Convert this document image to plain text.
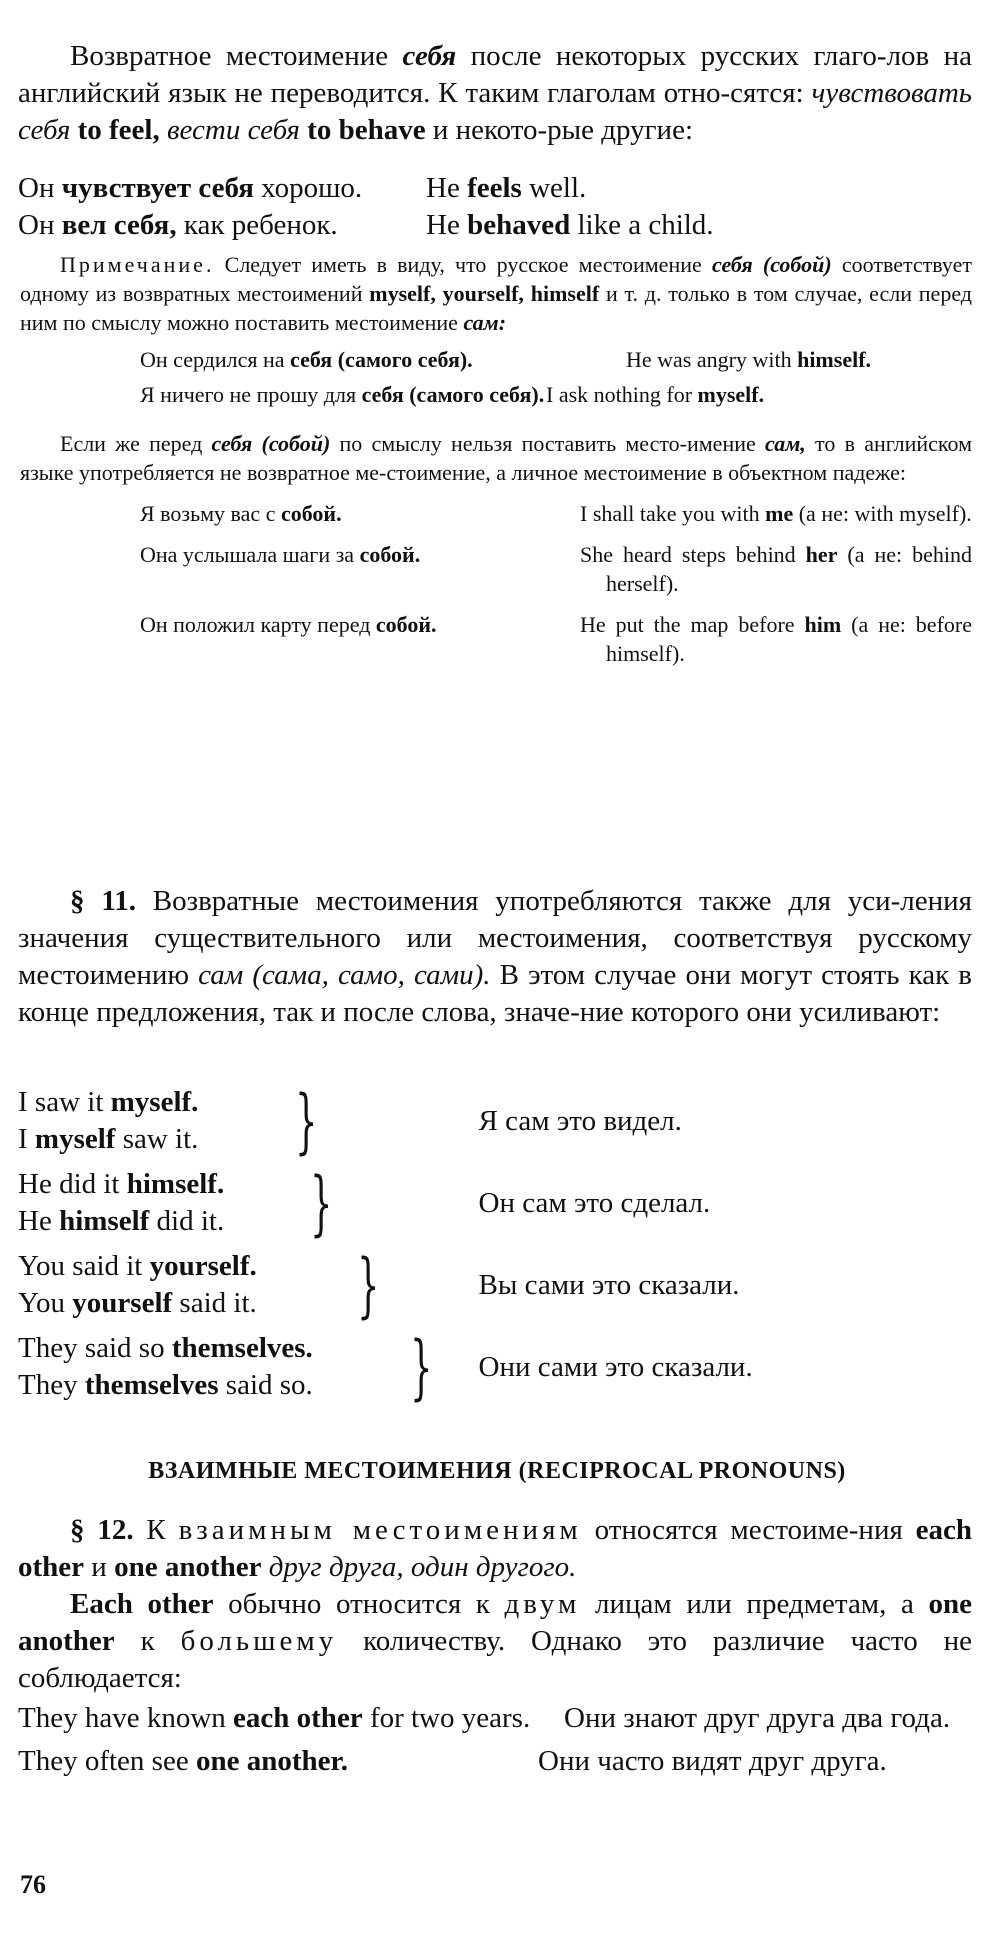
Возвратное местоимение себя после некоторых русских глаго-лов на английский язык не переводится. К таким глаголам отно-сятся: чувствовать себя to feel, вести себя to behave и некото-рые другие:

Он чувствует себя хорошо.	He feels well.
Он вел себя, как ребенок.	He behaved like a child.

Примечание. Следует иметь в виду, что русское местоимение себя (собой) соответствует одному из возвратных местоимений myself, yourself, himself и т. д. только в том случае, если перед ним по смыслу можно поставить местоимение сам:

Он сердился на себя (самого себя).	He was angry with himself.
Я ничего не прошу для себя (самого себя). I ask nothing for myself.

Если же перед себя (собой) по смыслу нельзя поставить место-имение сам, то в английском языке употребляется не возвратное ме-стоимение, а личное местоимение в объектном падеже:

Я возьму вас с собой.	I shall take you with me (а не: with myself).
Она услышала шаги за собой.	She heard steps behind her (а не: behind herself).
Он положил карту перед собой.	He put the map before him (а не: before himself).

§ 11. Возвратные местоимения употребляются также для уси-ления значения существительного или местоимения, соответствуя русскому местоимению сам (сама, само, сами). В этом случае они могут стоять как в конце предложения, так и после слова, значе-ние которого они усиливают:

I saw it myself.
I myself saw it.	}	Я сам это видел.
He did it himself.
He himself did it.	}	Он сам это сделал.
You said it yourself.
You yourself said it.	}	Вы сами это сказали.
They said so themselves.
They themselves said so.	} Они сами это сказали.
ВЗАИМНЫЕ МЕСТОИМЕНИЯ (RECIPROCAL PRONOUNS)

§ 12. К взаимным местоимениям относятся местоиме-ния each other и one another друг друга, один другого.

Each other обычно относится к двум лицам или предметам, а one another к большему количеству. Однако это различие часто не соблюдается:

They have known each other for two years.	Они знают друг друга два года.
They often see one another.	Они часто видят друг друга.
76
